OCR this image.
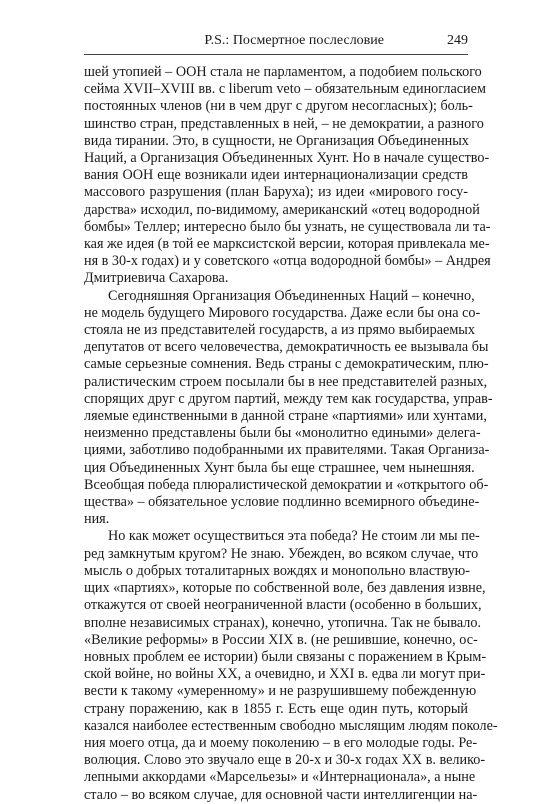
P.S.: Посмертное послесловие	249

шей утопией – ООН стала не парламентом, а подобием польского
сейма XVII–XVIII вв. с liberum veto – обязательным единогласием
постоянных членов (ни в чем друг с другом несогласных); боль-
шинство стран, представленных в ней, – не демократии, а разного
вида тирании. Это, в сущности, не Организация Объединенных
Наций, а Организация Объединенных Хунт. Но в начале существо-
вания ООН еще возникали идеи интернационализации средств
массового разрушения (план Баруха); из идеи «мирового госу-
дарства» исходил, по-видимому, американский «отец водородной
бомбы» Теллер; интересно было бы узнать, не существовала ли та-
кая же идея (в той ее марксистской версии, которая привлекала ме-
ня в 30-х годах) и у советского «отца водородной бомбы» – Андрея
Дмитриевича Сахарова.

Сегодняшняя Организация Объединенных Наций – конечно,
не модель будущего Мирового государства. Даже если бы она со-
стояла не из представителей государств, а из прямо выбираемых
депутатов от всего человечества, демократичность ее вызывала бы
самые серьезные сомнения. Ведь страны с демократическим, плю-
ралистическим строем посылали бы в нее представителей разных,
спорящих друг с другом партий, между тем как государства, управ-
ляемые единственными в данной стране «партиями» или хунтами,
неизменно представлены были бы «монолитно едиными» делега-
циями, заботливо подобранными их правителями. Такая Организа-
ция Объединенных Хунт была бы еще страшнее, чем нынешняя.
Всеобщая победа плюралистической демократии и «открытого об-
щества» – обязательное условие подлинно всемирного объедине-
ния.

Но как может осуществиться эта победа? Не стоим ли мы пе-
ред замкнутым кругом? Не знаю. Убежден, во всяком случае, что
мысль о добрых тоталитарных вождях и монопольно властвую-
щих «партиях», которые по собственной воле, без давления извне,
откажутся от своей неограниченной власти (особенно в больших,
вполне независимых странах), конечно, утопична. Так не бывало.
«Великие реформы» в России XIX в. (не решившие, конечно, ос-
новных проблем ее истории) были связаны с поражением в Крым-
ской войне, но войны XX, а очевидно, и XXI в. едва ли могут при-
вести к такому «умеренному» и не разрушившему побежденную
страну поражению, как в 1855 г. Есть еще один путь, который
казался наиболее естественным свободно мыслящим людям поколе-
ния моего отца, да и моему поколению – в его молодые годы. Ре-
волюция. Слово это звучало еще в 20-х и 30-х годах XX в. велико-
лепными аккордами «Марсельезы» и «Интернационала», а ныне
стало – во всяком случае, для основной части интеллигенции на-
